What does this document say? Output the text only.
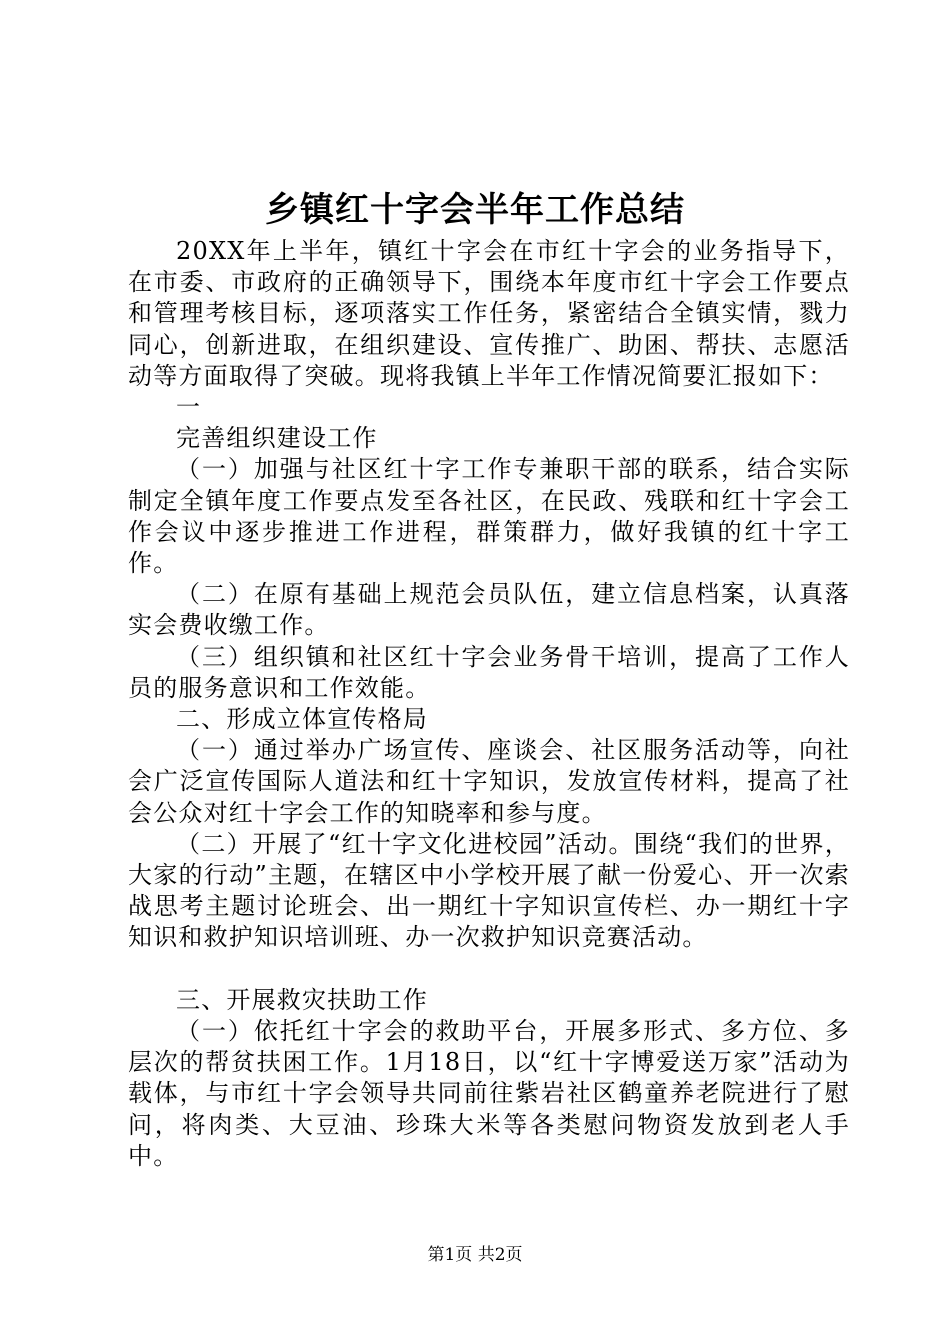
乡镇红十字会半年工作总结

20XX年上半年，镇红十字会在市红十字会的业务指导下，在市委、市政府的正确领导下，围绕本年度市红十字会工作要点和管理考核目标，逐项落实工作任务，紧密结合全镇实情，戮力同心，创新进取，在组织建设、宣传推广、助困、帮扶、志愿活动等方面取得了突破。现将我镇上半年工作情况简要汇报如下：

一

完善组织建设工作

（一）加强与社区红十字工作专兼职干部的联系，结合实际制定全镇年度工作要点发至各社区，在民政、残联和红十字会工作会议中逐步推进工作进程，群策群力，做好我镇的红十字工作。

（二）在原有基础上规范会员队伍，建立信息档案，认真落实会费收缴工作。

（三）组织镇和社区红十字会业务骨干培训，提高了工作人员的服务意识和工作效能。

二、形成立体宣传格局

（一）通过举办广场宣传、座谈会、社区服务活动等，向社会广泛宣传国际人道法和红十字知识，发放宣传材料，提高了社会公众对红十字会工作的知晓率和参与度。

（二）开展了“红十字文化进校园”活动。围绕“我们的世界，大家的行动”主题，在辖区中小学校开展了献一份爱心、开一次索战思考主题讨论班会、出一期红十字知识宣传栏、办一期红十字知识和救护知识培训班、办一次救护知识竞赛活动。

三、开展救灾扶助工作

（一）依托红十字会的救助平台，开展多形式、多方位、多层次的帮贫扶困工作。1月18日，以“红十字博爱送万家”活动为载体，与市红十字会领导共同前往紫岩社区鹤童养老院进行了慰问，将肉类、大豆油、珍珠大米等各类慰问物资发放到老人手中。

第1页 共2页
